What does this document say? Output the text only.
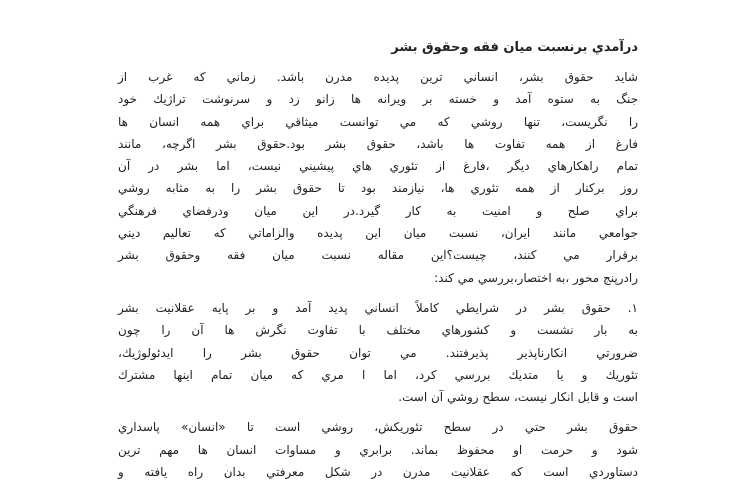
درآمدي برنسبت ميان فقه وحقوق بشر
شايد حقوق بشر، انساني ترين پديده مدرن باشد. زماني كه غرب از
جنگ به ستوه آمد و خسته بر ويرانه ها زانو زد و سرنوشت تراژيك خود
را نگريست، تنها روشي كه مي توانست ميثاقي براي همه انسان ها
فارغ از همه تفاوت ها باشد، حقوق بشر بود.حقوق بشر اگرچه، مانند
تمام راهكارهاي ديگر ،فارغ از تئوري هاي پيشيني نيست، اما بشر در آن
روز بركنار از همه تئوري ها، نيازمند بود تا حقوق بشر را به مثابه روشي
براي صلح و امنيت به كار گيرد.در اين ميان ودرفضاي فرهنگي
جوامعي مانند ايران، نسبت ميان اين پديده والزاماتي كه تعاليم ديني
برقرار مي كنند، چيست؟اين مقاله نسبت ميان فقه وحقوق بشر
رادرپنج محور ،به اختصار،بررسي مي كند:
١. حقوق بشر در شرايطي كاملاً انساني پديد آمد و بر پايه عقلانيت بشر
به بار نشست و كشورهاي مختلف با تفاوت نگرش ها آن را چون
ضرورتي انكارناپذير پذيرفتند. مي توان حقوق بشر را ايدئولوژيك،
تئوريك و يا متديك بررسي كرد، اما ا مري كه ميان تمام اينها مشترك
است و قابل انكار نيست، سطح روشي آن است.
حقوق بشر حتي در سطح تئوريكش، روشي است تا «انسان» پاسداري
شود و حرمت او محفوظ بماند. برابري و مساوات انسان ها مهم ترين
دستاوردي است كه عقلانيت مدرن در شكل معرفتي بدان راه يافته و
